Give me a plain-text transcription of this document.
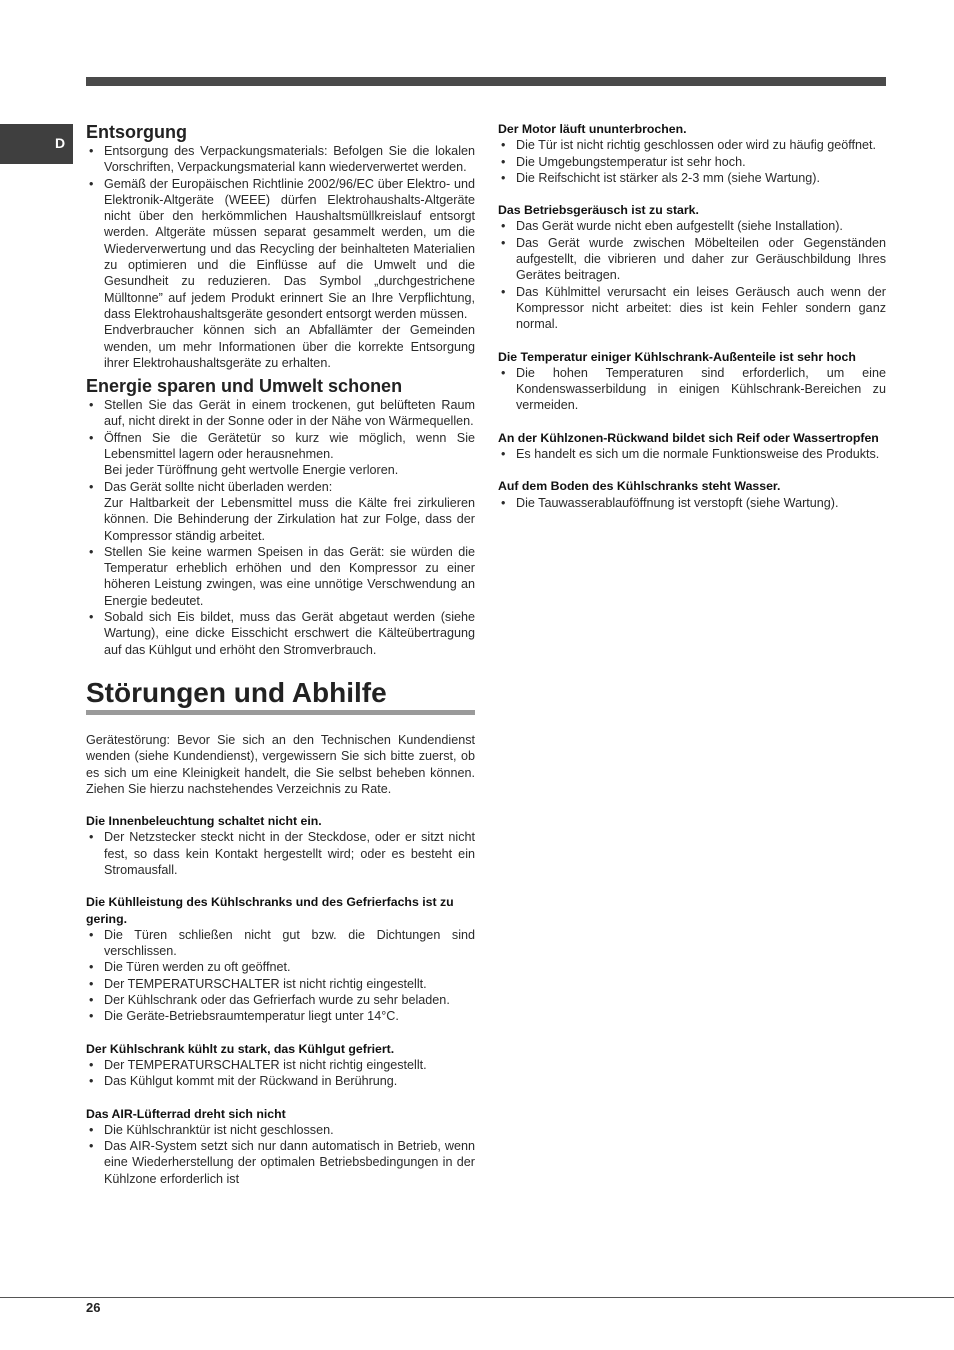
D
Entsorgung
• Entsorgung des Verpackungsmaterials: Befolgen Sie die lokalen Vorschriften, Verpackungsmaterial kann wiederverwertet werden.
• Gemäß der Europäischen Richtlinie 2002/96/EC über Elektro- und Elektronik-Altgeräte (WEEE) dürfen Elektrohaushalts-Altgeräte nicht über den herkömmlichen Haushaltsmüllkreislauf entsorgt werden. Altgeräte müssen separat gesammelt werden, um die Wiederverwertung und das Recycling der beinhalteten Materialien zu optimieren und die Einflüsse auf die Umwelt und die Gesundheit zu reduzieren. Das Symbol „durchgestrichene Mülltonne” auf jedem Produkt erinnert Sie an Ihre Verpflichtung, dass Elektrohaushaltsgeräte gesondert entsorgt werden müssen.
Endverbraucher können sich an Abfallämter der Gemeinden wenden, um mehr Informationen über die korrekte Entsorgung ihrer Elektrohaushaltsgeräte zu erhalten.
Energie sparen und Umwelt schonen
• Stellen Sie das Gerät in einem trockenen, gut belüfteten Raum auf, nicht direkt in der Sonne oder in der Nähe von Wärmequellen.
• Öffnen Sie die Gerätetür so kurz wie möglich, wenn Sie Lebensmittel lagern oder herausnehmen.
Bei jeder Türöffnung geht wertvolle Energie verloren.
• Das Gerät sollte nicht überladen werden:
Zur Haltbarkeit der Lebensmittel muss die Kälte frei zirkulieren können. Die Behinderung der Zirkulation hat zur Folge, dass der Kompressor ständig arbeitet.
• Stellen Sie keine warmen Speisen in das Gerät: sie würden die Temperatur erheblich erhöhen und den Kompressor zu einer höheren Leistung zwingen, was eine unnötige Verschwendung an Energie bedeutet.
• Sobald sich Eis bildet, muss das Gerät abgetaut werden (siehe Wartung), eine dicke Eisschicht erschwert die Kälteübertragung auf das Kühlgut und erhöht den Stromverbrauch.
Störungen und Abhilfe

Gerätestörung: Bevor Sie sich an den Technischen Kundendienst wenden (siehe Kundendienst), vergewissern Sie sich bitte zuerst, ob es sich um eine Kleinigkeit handelt, die Sie selbst beheben können. Ziehen Sie hierzu nachstehendes Verzeichnis zu Rate.

Die Innenbeleuchtung schaltet nicht ein.
• Der Netzstecker steckt nicht in der Steckdose, oder er sitzt nicht fest, so dass kein Kontakt hergestellt wird; oder es besteht ein Stromausfall.
Die Kühlleistung des Kühlschranks und des Gefrierfachs ist zu gering.
• Die Türen schließen nicht gut bzw. die Dichtungen sind verschlissen.
• Die Türen werden zu oft geöffnet.
• Der TEMPERATURSCHALTER ist nicht richtig eingestellt.
• Der Kühlschrank oder das Gefrierfach wurde zu sehr beladen.
• Die Geräte-Betriebsraumtemperatur liegt unter 14°C.
Der Kühlschrank kühlt zu stark, das Kühlgut gefriert.
• Der TEMPERATURSCHALTER ist nicht richtig eingestellt.
• Das Kühlgut kommt mit der Rückwand in Berührung.
Das AIR-Lüfterrad dreht sich nicht
• Die Kühlschranktür ist nicht geschlossen.
• Das AIR-System setzt sich nur dann automatisch in Betrieb, wenn eine Wiederherstellung der optimalen Betriebsbedingungen in der Kühlzone erforderlich ist
Der Motor läuft ununterbrochen.
• Die Tür ist nicht richtig geschlossen oder wird zu häufig geöffnet.
• Die Umgebungstemperatur ist sehr hoch.
• Die Reifschicht ist stärker als 2-3 mm (siehe Wartung).
Das Betriebsgeräusch ist zu stark.
• Das Gerät wurde nicht eben aufgestellt (siehe Installation).
• Das Gerät wurde zwischen Möbelteilen oder Gegenständen aufgestellt, die vibrieren und daher zur Geräuschbildung Ihres Gerätes beitragen.
• Das Kühlmittel verursacht ein leises Geräusch auch wenn der Kompressor nicht arbeitet: dies ist kein Fehler sondern ganz normal.
Die Temperatur einiger Kühlschrank-Außenteile ist sehr hoch
• Die hohen Temperaturen sind erforderlich, um eine Kondenswasserbildung in einigen Kühlschrank-Bereichen zu vermeiden.
An der Kühlzonen-Rückwand bildet sich Reif oder Wassertropfen
• Es handelt es sich um die normale Funktionsweise des Produkts.
Auf dem Boden des Kühlschranks steht Wasser.
• Die Tauwasserablauföffnung ist verstopft (siehe Wartung).
26
